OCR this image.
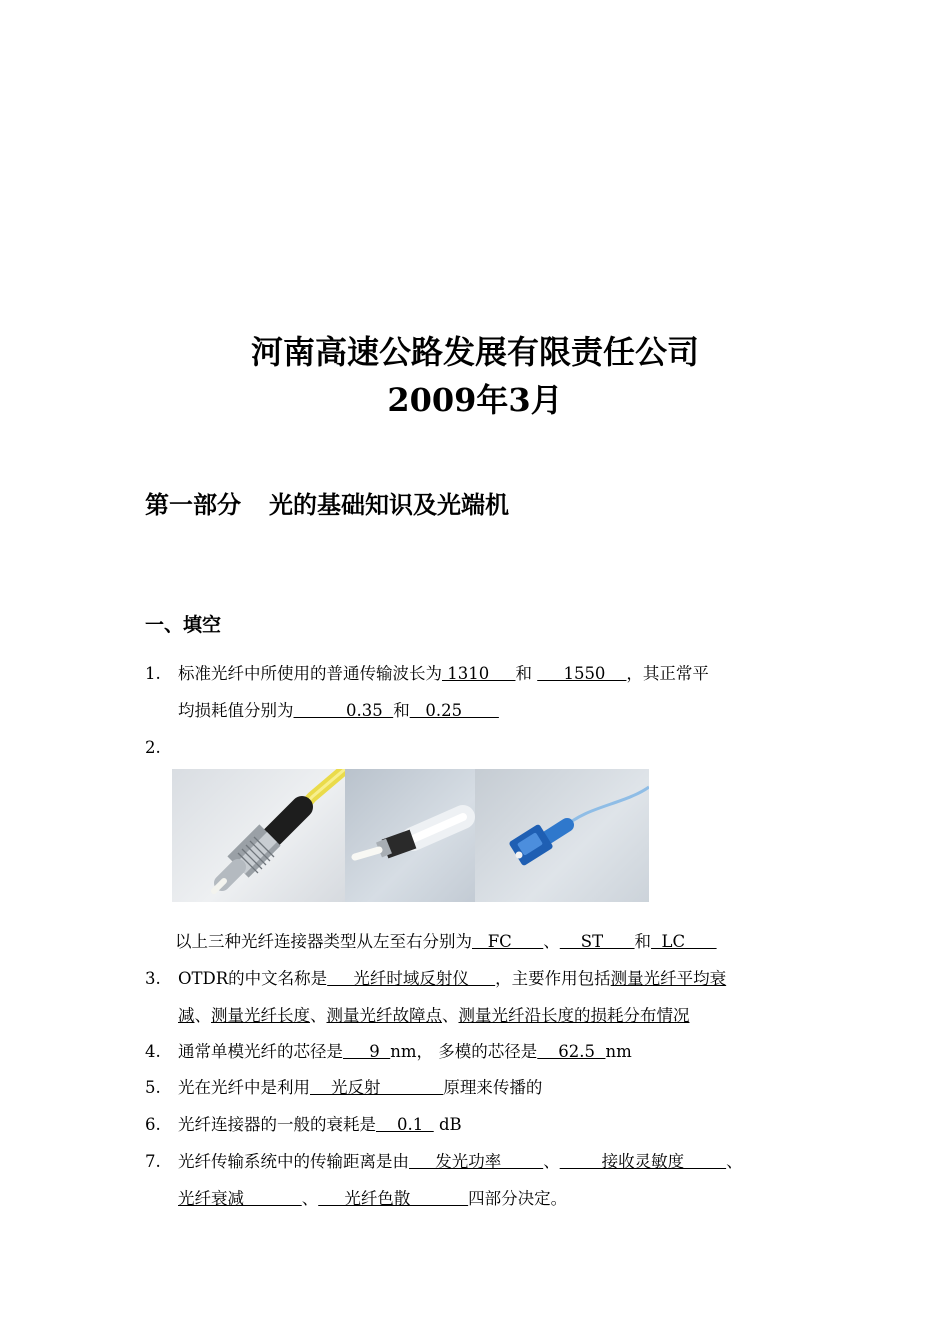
河南高速公路发展有限责任公司

2009年3月

第一部分 光的基础知识及光端机
一、填空
1. 标准光纤中所使用的普通传输波长为 1310     和      1550    ，其正常平
均损耗值分别为          0.35  和   0.25
2.
以上三种光纤连接器类型从左至右分别为   FC      、    ST      和  LC
3. OTDR的中文名称是     光纤时域反射仪     ，主要作用包括测量光纤平均衰
减、测量光纤长度、测量光纤故障点、测量光纤沿长度的损耗分布情况
4. 通常单模光纤的芯径是     9  nm， 多模的芯径是    62.5  nm
5. 光在光纤中是利用    光反射            原理来传播的
6. 光纤连接器的一般的衰耗是    0.1   dB
7. 光纤传输系统中的传输距离是由     发光功率        、        接收灵敏度        、
光纤衰减           、     光纤色散           四部分决定。
